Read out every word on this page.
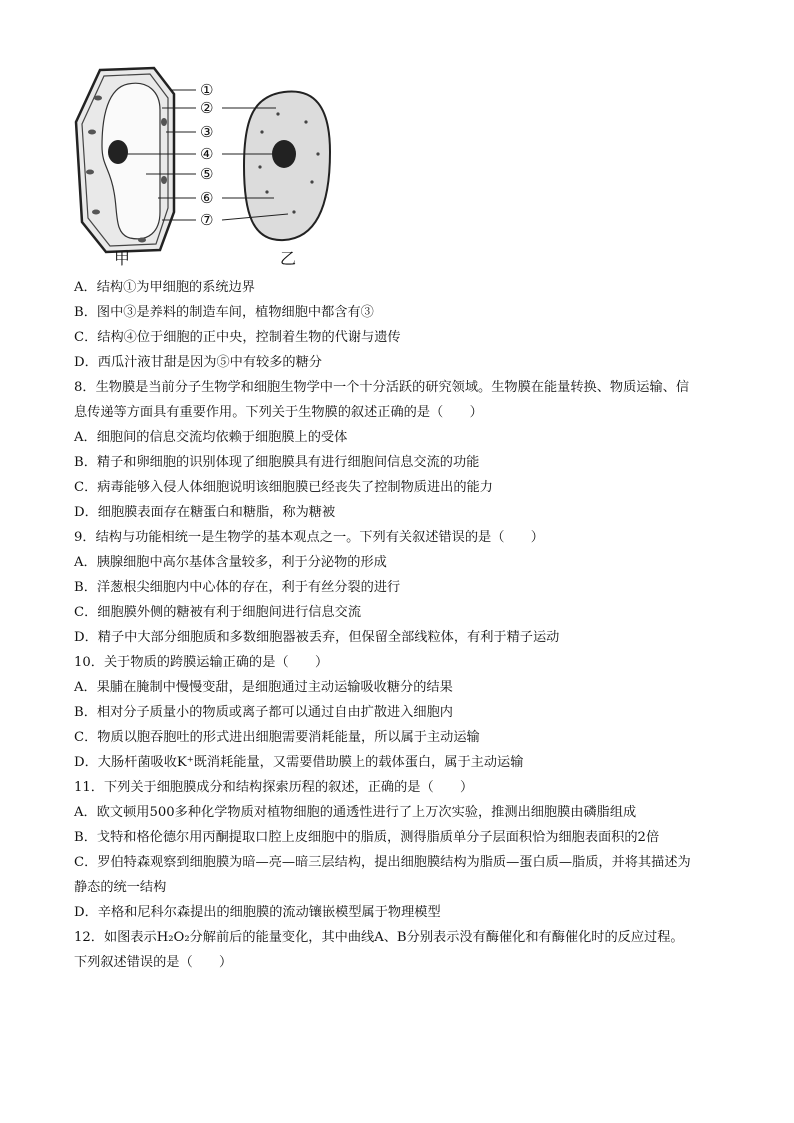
①
②
③
④
⑤
⑥
⑦
甲	乙
A．结构①为甲细胞的系统边界
B．图中③是养料的制造车间，植物细胞中都含有③
C．结构④位于细胞的正中央，控制着生物的代谢与遗传
D．西瓜汁液甘甜是因为⑤中有较多的糖分
8．生物膜是当前分子生物学和细胞生物学中一个十分活跃的研究领域。生物膜在能量转换、物质运输、信
息传递等方面具有重要作用。下列关于生物膜的叙述正确的是（　　）
A．细胞间的信息交流均依赖于细胞膜上的受体
B．精子和卵细胞的识别体现了细胞膜具有进行细胞间信息交流的功能
C．病毒能够入侵人体细胞说明该细胞膜已经丧失了控制物质进出的能力
D．细胞膜表面存在糖蛋白和糖脂，称为糖被
9．结构与功能相统一是生物学的基本观点之一。下列有关叙述错误的是（　　）
A．胰腺细胞中高尔基体含量较多，利于分泌物的形成
B．洋葱根尖细胞内中心体的存在，利于有丝分裂的进行
C．细胞膜外侧的糖被有利于细胞间进行信息交流
D．精子中大部分细胞质和多数细胞器被丢弃，但保留全部线粒体，有利于精子运动
10．关于物质的跨膜运输正确的是（　　）
A．果脯在腌制中慢慢变甜，是细胞通过主动运输吸收糖分的结果
B．相对分子质量小的物质或离子都可以通过自由扩散进入细胞内
C．物质以胞吞胞吐的形式进出细胞需要消耗能量，所以属于主动运输
D．大肠杆菌吸收K⁺既消耗能量，又需要借助膜上的载体蛋白，属于主动运输
11．下列关于细胞膜成分和结构探索历程的叙述，正确的是（　　）
A．欧文顿用500多种化学物质对植物细胞的通透性进行了上万次实验，推测出细胞膜由磷脂组成
B．戈特和格伦德尔用丙酮提取口腔上皮细胞中的脂质，测得脂质单分子层面积恰为细胞表面积的2倍
C．罗伯特森观察到细胞膜为暗—亮—暗三层结构，提出细胞膜结构为脂质—蛋白质—脂质，并将其描述为
静态的统一结构
D．辛格和尼科尔森提出的细胞膜的流动镶嵌模型属于物理模型
12．如图表示H₂O₂分解前后的能量变化，其中曲线A、B分别表示没有酶催化和有酶催化时的反应过程。
下列叙述错误的是（　　）
